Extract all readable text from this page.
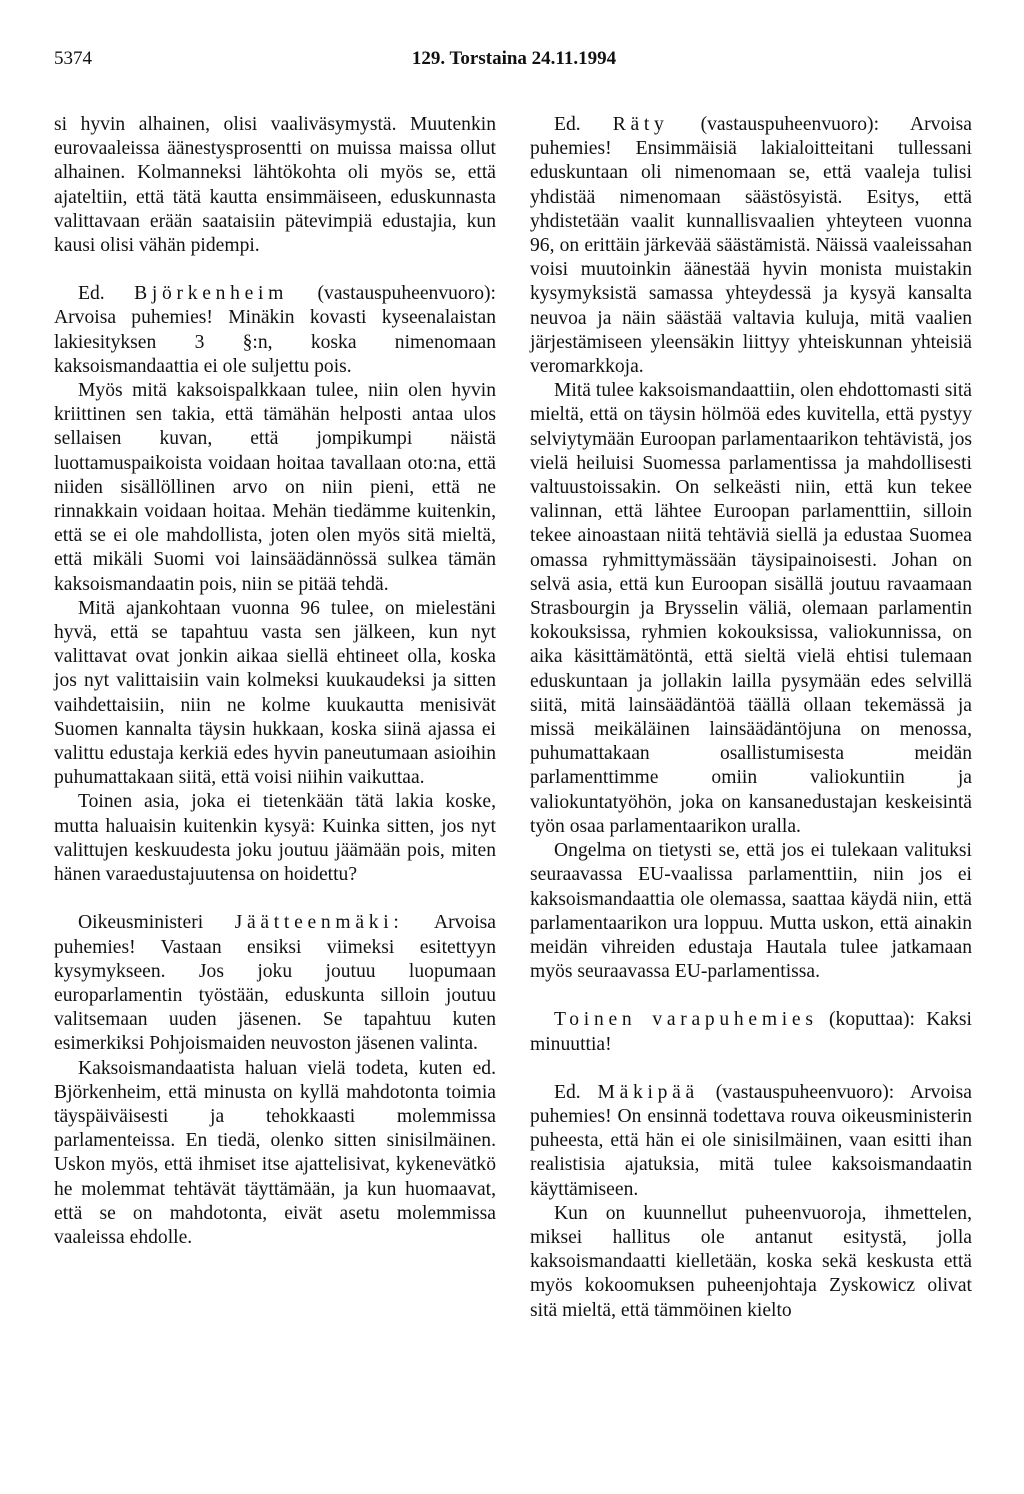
5374	129. Torstaina 24.11.1994

si hyvin alhainen, olisi vaaliväsymystä. Muutenkin eurovaaleissa äänestysprosentti on muissa maissa ollut alhainen. Kolmanneksi lähtökohta oli myös se, että ajateltiin, että tätä kautta ensimmäiseen, eduskunnasta valittavaan erään saataisiin pätevimpiä edustajia, kun kausi olisi vähän pidempi.

Ed. Björkenheim (vastauspuheenvuoro): Arvoisa puhemies! Minäkin kovasti kyseenalaistan lakiesityksen 3 §:n, koska nimenomaan kaksoismandaattia ei ole suljettu pois.

Myös mitä kaksoispalkkaan tulee, niin olen hyvin kriittinen sen takia, että tämähän helposti antaa ulos sellaisen kuvan, että jompikumpi näistä luottamuspaikoista voidaan hoitaa tavallaan oto:na, että niiden sisällöllinen arvo on niin pieni, että ne rinnakkain voidaan hoitaa. Mehän tiedämme kuitenkin, että se ei ole mahdollista, joten olen myös sitä mieltä, että mikäli Suomi voi lainsäädännössä sulkea tämän kaksoismandaatin pois, niin se pitää tehdä.

Mitä ajankohtaan vuonna 96 tulee, on mielestäni hyvä, että se tapahtuu vasta sen jälkeen, kun nyt valittavat ovat jonkin aikaa siellä ehtineet olla, koska jos nyt valittaisiin vain kolmeksi kuukaudeksi ja sitten vaihdettaisiin, niin ne kolme kuukautta menisivät Suomen kannalta täysin hukkaan, koska siinä ajassa ei valittu edustaja kerkiä edes hyvin paneutumaan asioihin puhumattakaan siitä, että voisi niihin vaikuttaa.

Toinen asia, joka ei tietenkään tätä lakia koske, mutta haluaisin kuitenkin kysyä: Kuinka sitten, jos nyt valittujen keskuudesta joku joutuu jäämään pois, miten hänen varaedustajuutensa on hoidettu?

Oikeusministeri Jäätteenmäki: Arvoisa puhemies! Vastaan ensiksi viimeksi esitettyyn kysymykseen. Jos joku joutuu luopumaan europarlamentin työstään, eduskunta silloin joutuu valitsemaan uuden jäsenen. Se tapahtuu kuten esimerkiksi Pohjoismaiden neuvoston jäsenen valinta.

Kaksoismandaatista haluan vielä todeta, kuten ed. Björkenheim, että minusta on kyllä mahdotonta toimia täyspäiväisesti ja tehokkaasti molemmissa parlamenteissa. En tiedä, olenko sitten sinisilmäinen. Uskon myös, että ihmiset itse ajattelisivat, kykenevätkö he molemmat tehtävät täyttämään, ja kun huomaavat, että se on mahdotonta, eivät asetu molemmissa vaaleissa ehdolle.

Ed. Räty (vastauspuheenvuoro): Arvoisa puhemies! Ensimmäisiä lakialoitteitani tullessani eduskuntaan oli nimenomaan se, että vaaleja tulisi yhdistää nimenomaan säästösyistä. Esitys, että yhdistetään vaalit kunnallisvaalien yhteyteen vuonna 96, on erittäin järkevää säästämistä. Näissä vaaleissahan voisi muutoinkin äänestää hyvin monista muistakin kysymyksistä samassa yhteydessä ja kysyä kansalta neuvoa ja näin säästää valtavia kuluja, mitä vaalien järjestämiseen yleensäkin liittyy yhteiskunnan yhteisiä veromarkkoja.

Mitä tulee kaksoismandaattiin, olen ehdottomasti sitä mieltä, että on täysin hölmöä edes kuvitella, että pystyy selviytymään Euroopan parlamentaarikon tehtävistä, jos vielä heiluisi Suomessa parlamentissa ja mahdollisesti valtuustoissakin. On selkeästi niin, että kun tekee valinnan, että lähtee Euroopan parlamenttiin, silloin tekee ainoastaan niitä tehtäviä siellä ja edustaa Suomea omassa ryhmittymässään täysipainoisesti. Johan on selvä asia, että kun Euroopan sisällä joutuu ravaamaan Strasbourgin ja Brysselin väliä, olemaan parlamentin kokouksissa, ryhmien kokouksissa, valiokunnissa, on aika käsittämätöntä, että sieltä vielä ehtisi tulemaan eduskuntaan ja jollakin lailla pysymään edes selvillä siitä, mitä lainsäädäntöä täällä ollaan tekemässä ja missä meikäläinen lainsäädäntöjuna on menossa, puhumattakaan osallistumisesta meidän parlamenttimme omiin valiokuntiin ja valiokuntatyöhön, joka on kansanedustajan keskeisintä työn osaa parlamentaarikon uralla.

Ongelma on tietysti se, että jos ei tulekaan valituksi seuraavassa EU-vaalissa parlamenttiin, niin jos ei kaksoismandaattia ole olemassa, saattaa käydä niin, että parlamentaarikon ura loppuu. Mutta uskon, että ainakin meidän vihreiden edustaja Hautala tulee jatkamaan myös seuraavassa EU-parlamentissa.

Toinen varapuhemies (koputtaa): Kaksi minuuttia!

Ed. Mäkipää (vastauspuheenvuoro): Arvoisa puhemies! On ensinnä todettava rouva oikeusministerin puheesta, että hän ei ole sinisilmäinen, vaan esitti ihan realistisia ajatuksia, mitä tulee kaksoismandaatin käyttämiseen.

Kun on kuunnellut puheenvuoroja, ihmettelen, miksei hallitus ole antanut esitystä, jolla kaksoismandaatti kielletään, koska sekä keskusta että myös kokoomuksen puheenjohtaja Zyskowicz olivat sitä mieltä, että tämmöinen kielto
